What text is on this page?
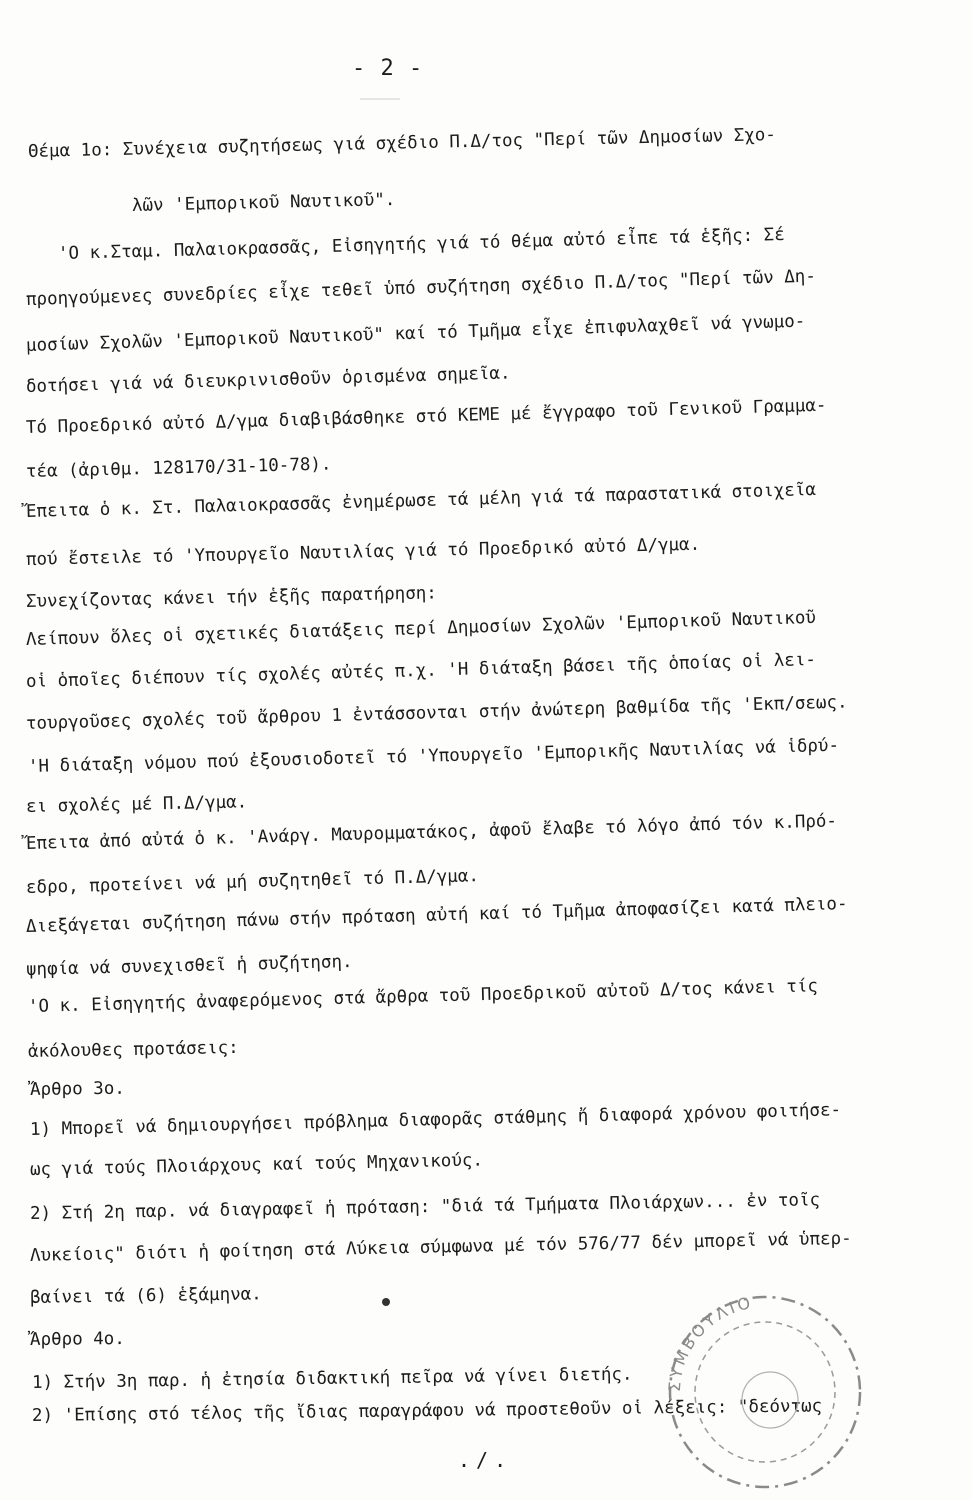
- 2 -
Θέμα 1ο: Συνέχεια συζητήσεως γιά σχέδιο Π.Δ/τος "Περί τῶν Δημοσίων Σχο-
λῶν 'Εμπορικοῦ Ναυτικοῦ".
'Ο κ.Σταμ. Παλαιοκρασσᾶς, Εἰσηγητής γιά τό θέμα αὐτό εἶπε τά ἑξῆς: Σέ
προηγούμενες συνεδρίες εἶχε τεθεῖ ὑπό συζήτηση σχέδιο Π.Δ/τος "Περί τῶν Δη-
μοσίων Σχολῶν 'Εμπορικοῦ Ναυτικοῦ" καί τό Τμῆμα εἶχε ἐπιφυλαχθεῖ νά γνωμο-
δοτήσει γιά νά διευκρινισθοῦν ὁρισμένα σημεῖα.
Τό Προεδρικό αὐτό Δ/γμα διαβιβάσθηκε στό ΚΕΜΕ μέ ἔγγραφο τοῦ Γενικοῦ Γραμμα-
τέα (ἀριθμ. 128170/31-10-78).
Ἔπειτα ὁ κ. Στ. Παλαιοκρασσᾶς ἐνημέρωσε τά μέλη γιά τά παραστατικά στοιχεῖα
πού ἔστειλε τό 'Υπουργεῖο Ναυτιλίας γιά τό Προεδρικό αὐτό Δ/γμα.
Συνεχίζοντας κάνει τήν ἑξῆς παρατήρηση:
Λείπουν ὅλες οἱ σχετικές διατάξεις περί Δημοσίων Σχολῶν 'Εμπορικοῦ Ναυτικοῦ
οἱ ὁποῖες διέπουν τίς σχολές αὐτές π.χ. 'Η διάταξη βάσει τῆς ὁποίας οἱ λει-
τουργοῦσες σχολές τοῦ ἄρθρου 1 ἐντάσσονται στήν ἀνώτερη βαθμίδα τῆς 'Εκπ/σεως.
'Η διάταξη νόμου πού ἐξουσιοδοτεῖ τό 'Υπουργεῖο 'Εμπορικῆς Ναυτιλίας νά ἱδρύ-
ει σχολές μέ Π.Δ/γμα.
Ἔπειτα ἀπό αὐτά ὁ κ. 'Ανάργ. Μαυρομματάκος, ἀφοῦ ἔλαβε τό λόγο ἀπό τόν κ.Πρό-
εδρο, προτείνει νά μή συζητηθεῖ τό Π.Δ/γμα.
Διεξάγεται συζήτηση πάνω στήν πρόταση αὐτή καί τό Τμῆμα ἀποφασίζει κατά πλειο-
ψηφία νά συνεχισθεῖ ἡ συζήτηση.
'Ο κ. Εἰσηγητής ἀναφερόμενος στά ἄρθρα τοῦ Προεδρικοῦ αὐτοῦ Δ/τος κάνει τίς
ἀκόλουθες προτάσεις:
Ἄρθρο 3ο.
1) Μπορεῖ νά δημιουργήσει πρόβλημα διαφορᾶς στάθμης ἤ διαφορά χρόνου φοιτήσε-
ως γιά τούς Πλοιάρχους καί τούς Μηχανικούς.
2) Στή 2η παρ. νά διαγραφεῖ ἡ πρόταση: "διά τά Τμήματα Πλοιάρχων... ἐν τοῖς
Λυκείοις" διότι ἡ φοίτηση στά Λύκεια σύμφωνα μέ τόν 576/77 δέν μπορεῖ νά ὑπερ-
βαίνει τά (6) ἑξάμηνα.
Ἄρθρο 4ο.
1) Στήν 3η παρ. ἡ ἐτησία διδακτική πεῖρα νά γίνει διετής.
2) 'Επίσης στό τέλος τῆς ἴδιας παραγράφου νά προστεθοῦν οἱ λέξεις: "δεόντως
ΣΥΜΒΟΥΛΙΟ
./.
